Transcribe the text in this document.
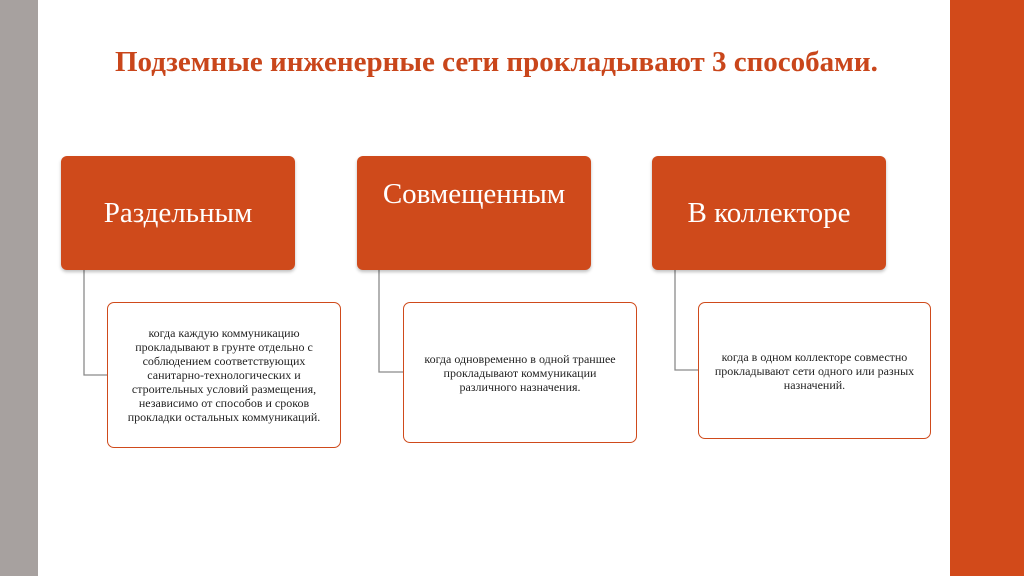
Подземные инженерные сети прокладывают 3 способами.
Раздельным
Совмещенным
В коллекторе
когда каждую коммуникацию прокладывают в грунте отдельно с соблюдением соответствующих санитарно-технологических и строительных условий размещения, независимо от способов и сроков прокладки остальных коммуникаций.
когда одновременно в одной траншее прокладывают коммуникации различного назначения.
когда в одном коллекторе совместно прокладывают сети одного или разных назначений.
